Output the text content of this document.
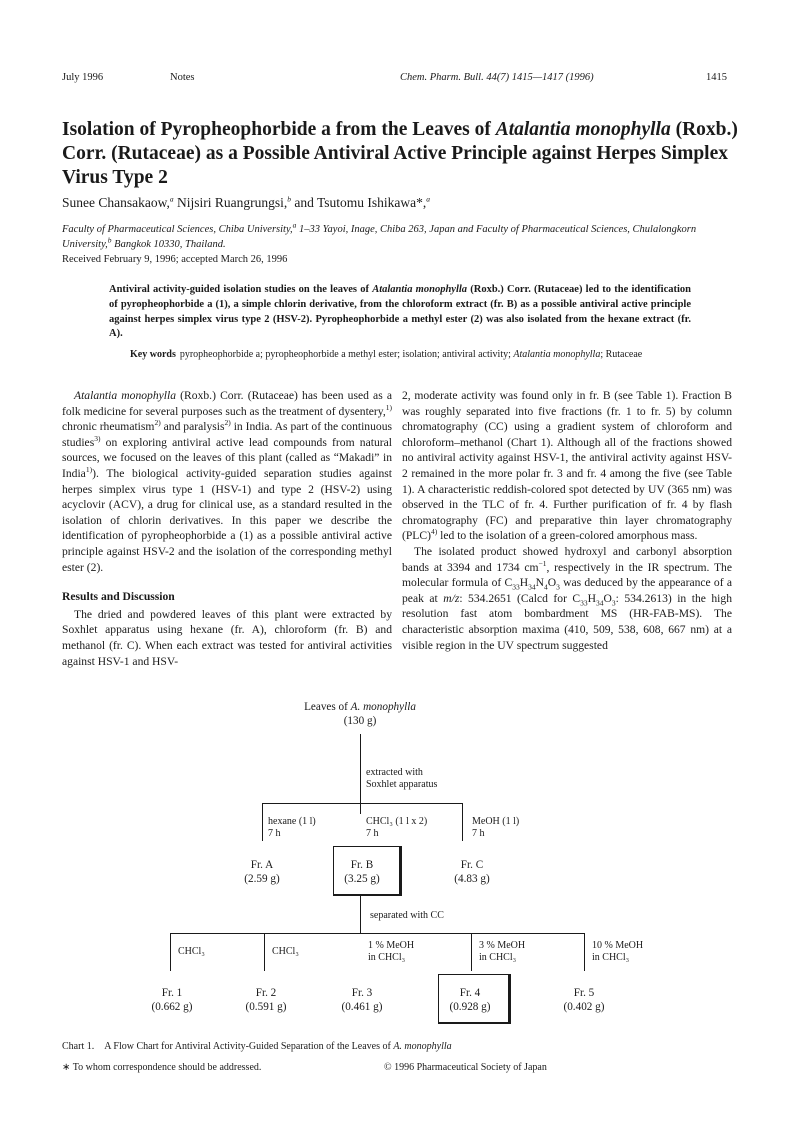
July 1996	Notes	Chem. Pharm. Bull. 44(7) 1415—1417 (1996)	1415
Isolation of Pyropheophorbide a from the Leaves of Atalantia monophylla (Roxb.) Corr. (Rutaceae) as a Possible Antiviral Active Principle against Herpes Simplex Virus Type 2
Sunee Chansakaow,$^a$ Nijsiri Ruangrungsi,$^b$ and Tsutomu Ishikawa*,$^a$
Faculty of Pharmaceutical Sciences, Chiba University,$^a$ 1–33 Yayoi, Inage, Chiba 263, Japan and Faculty of Pharmaceutical Sciences, Chulalongkorn University,$^b$ Bangkok 10330, Thailand.
Received February 9, 1996; accepted March 26, 1996
Antiviral activity-guided isolation studies on the leaves of Atalantia monophylla (Roxb.) Corr. (Rutaceae) led to the identification of pyropheophorbide a (1), a simple chlorin derivative, from the chloroform extract (fr. B) as a possible antiviral active principle against herpes simplex virus type 2 (HSV-2). Pyropheophorbide a methyl ester (2) was also isolated from the hexane extract (fr. A).
Key words pyropheophorbide a; pyropheophorbide a methyl ester; isolation; antiviral activity; Atalantia monophylla; Rutaceae

Atalantia monophylla (Roxb.) Corr. (Rutaceae) has been used as a folk medicine for several purposes such as the treatment of dysentery,$^{1)}$ chronic rheumatism$^{2)}$ and paralysis$^{2)}$ in India. As part of the continuous studies$^{3)}$ on exploring antiviral active lead compounds from natural sources, we focused on the leaves of this plant (called as “Makadi” in India$^{1)}$). The biological activity-guided separation studies against herpes simplex virus type 1 (HSV-1) and type 2 (HSV-2) using acyclovir (ACV), a drug for clinical use, as a standard resulted in the isolation of chlorin derivatives. In this paper we describe the identification of pyropheophorbide a (1) as a possible antiviral active principle against HSV-2 and the isolation of the corresponding methyl ester (2).

Results and Discussion

The dried and powdered leaves of this plant were extracted by Soxhlet apparatus using hexane (fr. A), chloroform (fr. B) and methanol (fr. C). When each extract was tested for antiviral activities against HSV-1 and HSV-

2, moderate activity was found only in fr. B (see Table 1). Fraction B was roughly separated into five fractions (fr. 1 to fr. 5) by column chromatography (CC) using a gradient system of chloroform and chloroform–methanol (Chart 1). Although all of the fractions showed no antiviral activity against HSV-1, the antiviral activity against HSV-2 remained in the more polar fr. 3 and fr. 4 among the five (see Table 1). A characteristic reddish-colored spot detected by UV (365 nm) was observed in the TLC of fr. 4. Further purification of fr. 4 by flash chromatography (FC) and preparative thin layer chromatography (PLC)$^{4)}$ led to the isolation of a green-colored amorphous mass.

The isolated product showed hydroxyl and carbonyl absorption bands at 3394 and 1734 $cm^{-1}$, respectively in the IR spectrum. The molecular formula of $C_{33}H_{34}N_4O_3$ was deduced by the appearance of a peak at m/z: 534.2651 (Calcd for $C_{33}H_{34}O_3$: 534.2613) in the high resolution fast atom bombardment MS (HR-FAB-MS). The characteristic absorption maxima (410, 509, 538, 608, 667 nm) at a visible region in the UV spectrum suggested

Leaves of A. monophylla
(130 g)
extracted with
Soxhlet apparatus
hexane (1 l)
7 h
CHCl₃ (1 l x 2)
7 h
MeOH (1 l)
7 h
Fr. A
(2.59 g)
Fr. B
(3.25 g)
Fr. C
(4.83 g)
separated with CC
CHCl₃	CHCl₃
1 % MeOH
in CHCl₃
3 % MeOH
in CHCl₃
10 % MeOH
in CHCl₃
Fr. 1
(0.662 g)
Fr. 2
(0.591 g)
Fr. 3
(0.461 g)
Fr. 4
(0.928 g)
Fr. 5
(0.402 g)
Chart 1. A Flow Chart for Antiviral Activity-Guided Separation of the Leaves of A. monophylla
∗ To whom correspondence should be addressed.	© 1996 Pharmaceutical Society of Japan
